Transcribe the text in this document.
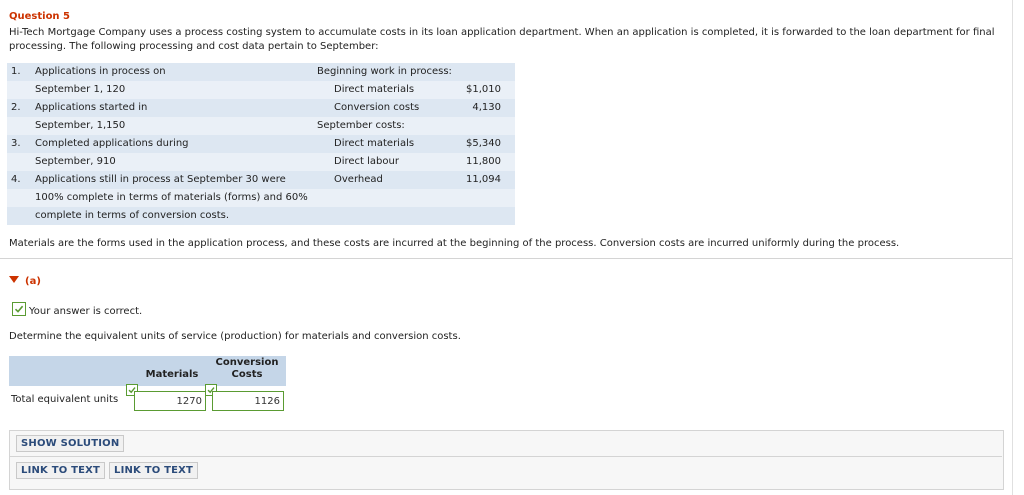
Question 5
Hi-Tech Mortgage Company uses a process costing system to accumulate costs in its loan application department. When an application is completed, it is forwarded to the loan department for final processing. The following processing and cost data pertain to September:
1.	Applications in process on
September 1, 120
2.	Applications started in
September, 1,150
3.	Completed applications during
September, 910
4.	Applications still in process at September 30 were
100% complete in terms of materials (forms) and 60%
complete in terms of conversion costs.
Beginning work in process:
Direct materials	$1,010
Conversion costs	4,130
September costs:
Direct materials	$5,340
Direct labour	11,800
Overhead	11,094
Materials are the forms used in the application process, and these costs are incurred at the beginning of the process. Conversion costs are incurred uniformly during the process.
(a)
Your answer is correct.
Determine the equivalent units of service (production) for materials and conversion costs.
Materials
Conversion
Costs
Total equivalent units	1270	1126
SHOW SOLUTION
LINK TO TEXT	LINK TO TEXT
